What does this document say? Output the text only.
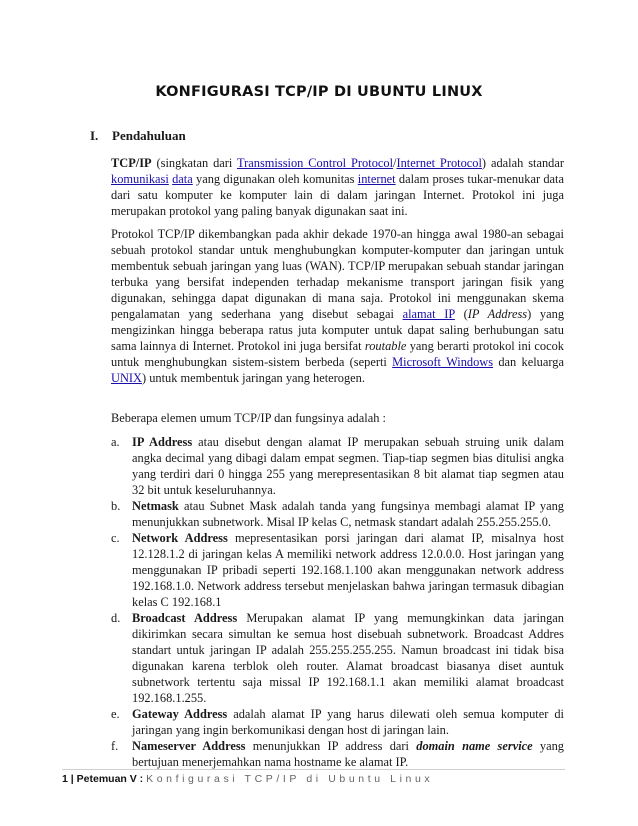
KONFIGURASI TCP/IP DI UBUNTU LINUX
I. Pendahuluan

TCP/IP (singkatan dari Transmission Control Protocol/Internet Protocol) adalah standar komunikasi data yang digunakan oleh komunitas internet dalam proses tukar-menukar data dari satu komputer ke komputer lain di dalam jaringan Internet. Protokol ini juga merupakan protokol yang paling banyak digunakan saat ini.

Protokol TCP/IP dikembangkan pada akhir dekade 1970-an hingga awal 1980-an sebagai sebuah protokol standar untuk menghubungkan komputer-komputer dan jaringan untuk membentuk sebuah jaringan yang luas (WAN). TCP/IP merupakan sebuah standar jaringan terbuka yang bersifat independen terhadap mekanisme transport jaringan fisik yang digunakan, sehingga dapat digunakan di mana saja. Protokol ini menggunakan skema pengalamatan yang sederhana yang disebut sebagai alamat IP (IP Address) yang mengizinkan hingga beberapa ratus juta komputer untuk dapat saling berhubungan satu sama lainnya di Internet. Protokol ini juga bersifat routable yang berarti protokol ini cocok untuk menghubungkan sistem-sistem berbeda (seperti Microsoft Windows dan keluarga UNIX) untuk membentuk jaringan yang heterogen.

Beberapa elemen umum TCP/IP dan fungsinya adalah :

a. IP Address atau disebut dengan alamat IP merupakan sebuah struing unik dalam angka decimal yang dibagi dalam empat segmen. Tiap-tiap segmen bias ditulisi angka yang terdiri dari 0 hingga 255 yang merepresentasikan 8 bit alamat tiap segmen atau 32 bit untuk keseluruhannya.
b. Netmask atau Subnet Mask adalah tanda yang fungsinya membagi alamat IP yang menunjukkan subnetwork. Misal IP kelas C, netmask standart adalah 255.255.255.0.
c. Network Address mepresentasikan porsi jaringan dari alamat IP, misalnya host 12.128.1.2 di jaringan kelas A memiliki network address 12.0.0.0. Host jaringan yang menggunakan IP pribadi seperti 192.168.1.100 akan menggunakan network address 192.168.1.0. Network address tersebut menjelaskan bahwa jaringan termasuk dibagian kelas C 192.168.1
d. Broadcast Address Merupakan alamat IP yang memungkinkan data jaringan dikirimkan secara simultan ke semua host disebuah subnetwork. Broadcast Addres standart untuk jaringan IP adalah 255.255.255.255. Namun broadcast ini tidak bisa digunakan karena terblok oleh router. Alamat broadcast biasanya diset auntuk subnetwork tertentu saja missal IP 192.168.1.1 akan memiliki alamat broadcast 192.168.1.255.
e. Gateway Address adalah alamat IP yang harus dilewati oleh semua komputer di jaringan yang ingin berkomunikasi dengan host di jaringan lain.
f. Nameserver Address menunjukkan IP address dari domain name service yang bertujuan menerjemahkan nama hostname ke alamat IP.
1 | Petemuan V : Konfigurasi TCP/IP di Ubuntu Linux
